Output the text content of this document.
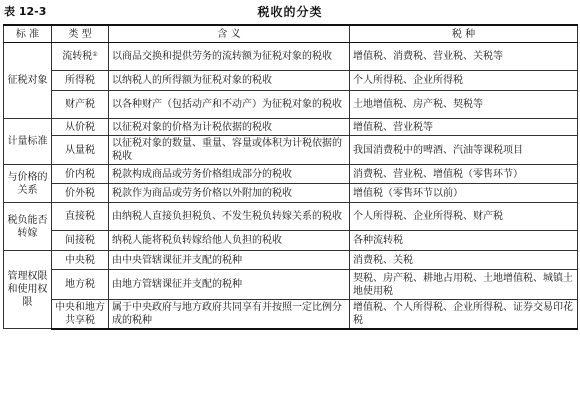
表 12-3	税收的分类
标 准	类 型	含 义	税 种
征税对象	流转税①	以商品交换和提供劳务的流转额为征税对象的税收	增值税、消费税、营业税、关税等
	所得税	以纳税人的所得额为征税对象的税收	个人所得税、企业所得税
	财产税	以各种财产（包括动产和不动产）为征税对象的税收	土地增值税、房产税、契税等
计量标准	从价税	以征税对象的价格为计税依据的税收	增值税、营业税等
	从量税	以征税对象的数量、重量、容量或体积为计税依据的税收	我国消费税中的啤酒、汽油等课税项目
与价格的关系	价内税	税款构成商品或劳务价格组成部分的税收	消费税、营业税、增值税（零售环节）
	价外税	税款作为商品或劳务价格以外附加的税收	增值税（零售环节以前）
税负能否转嫁	直接税	由纳税人直接负担税负、不发生税负转嫁关系的税收	个人所得税、企业所得税、财产税
	间接税	纳税人能将税负转嫁给他人负担的税收	各种流转税
管理权限和使用权限	中央税	由中央管辖课征并支配的税种	消费税、关税
	地方税	由地方管辖课征并支配的税种	契税、房产税、耕地占用税、土地增值税、城镇土地使用税
	中央和地方共享税	属于中央政府与地方政府共同享有并按照一定比例分成的税种	增值税、个人所得税、企业所得税、证券交易印花税
